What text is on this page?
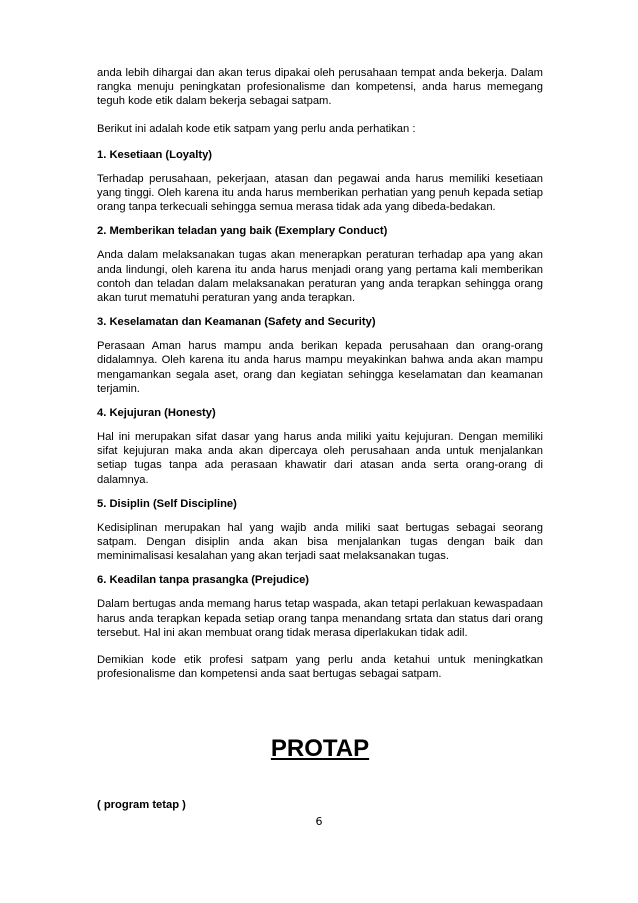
anda lebih dihargai dan akan terus dipakai oleh perusahaan tempat anda bekerja. Dalam rangka menuju peningkatan profesionalisme dan kompetensi, anda harus memegang teguh kode etik dalam bekerja sebagai satpam.

Berikut ini adalah kode etik satpam yang perlu anda perhatikan :

1. Kesetiaan (Loyalty)

Terhadap perusahaan, pekerjaan, atasan dan pegawai anda harus memiliki kesetiaan yang tinggi. Oleh karena itu anda harus memberikan perhatian yang penuh kepada setiap orang tanpa terkecuali sehingga semua merasa tidak ada yang dibeda-bedakan.

2. Memberikan teladan yang baik (Exemplary Conduct)

Anda dalam melaksanakan tugas akan menerapkan peraturan terhadap apa yang akan anda lindungi, oleh karena itu anda harus menjadi orang yang pertama kali memberikan contoh dan teladan dalam melaksanakan peraturan yang anda terapkan sehingga orang akan turut mematuhi peraturan yang anda terapkan.

3. Keselamatan dan Keamanan (Safety and Security)

Perasaan Aman harus mampu anda berikan kepada perusahaan dan orang-orang didalamnya. Oleh karena itu anda harus mampu meyakinkan bahwa anda akan mampu mengamankan segala aset, orang dan kegiatan sehingga keselamatan dan keamanan terjamin.

4. Kejujuran (Honesty)

Hal ini merupakan sifat dasar yang harus anda miliki yaitu kejujuran. Dengan memiliki sifat kejujuran maka anda akan dipercaya oleh perusahaan anda untuk menjalankan setiap tugas tanpa ada perasaan khawatir dari atasan anda serta orang-orang di dalamnya.

5. Disiplin (Self Discipline)

Kedisiplinan merupakan hal yang wajib anda miliki saat bertugas sebagai seorang satpam. Dengan disiplin anda akan bisa menjalankan tugas dengan baik dan meminimalisasi kesalahan yang akan terjadi saat melaksanakan tugas.

6. Keadilan tanpa prasangka (Prejudice)

Dalam bertugas anda memang harus tetap waspada, akan tetapi perlakuan kewaspadaan harus anda terapkan kepada setiap orang tanpa menandang srtata dan status dari orang tersebut. Hal ini akan membuat orang tidak merasa diperlakukan tidak adil.

Demikian kode etik profesi satpam yang perlu anda ketahui untuk meningkatkan profesionalisme dan kompetensi anda saat bertugas sebagai satpam.

PROTAP
( program tetap )
6
